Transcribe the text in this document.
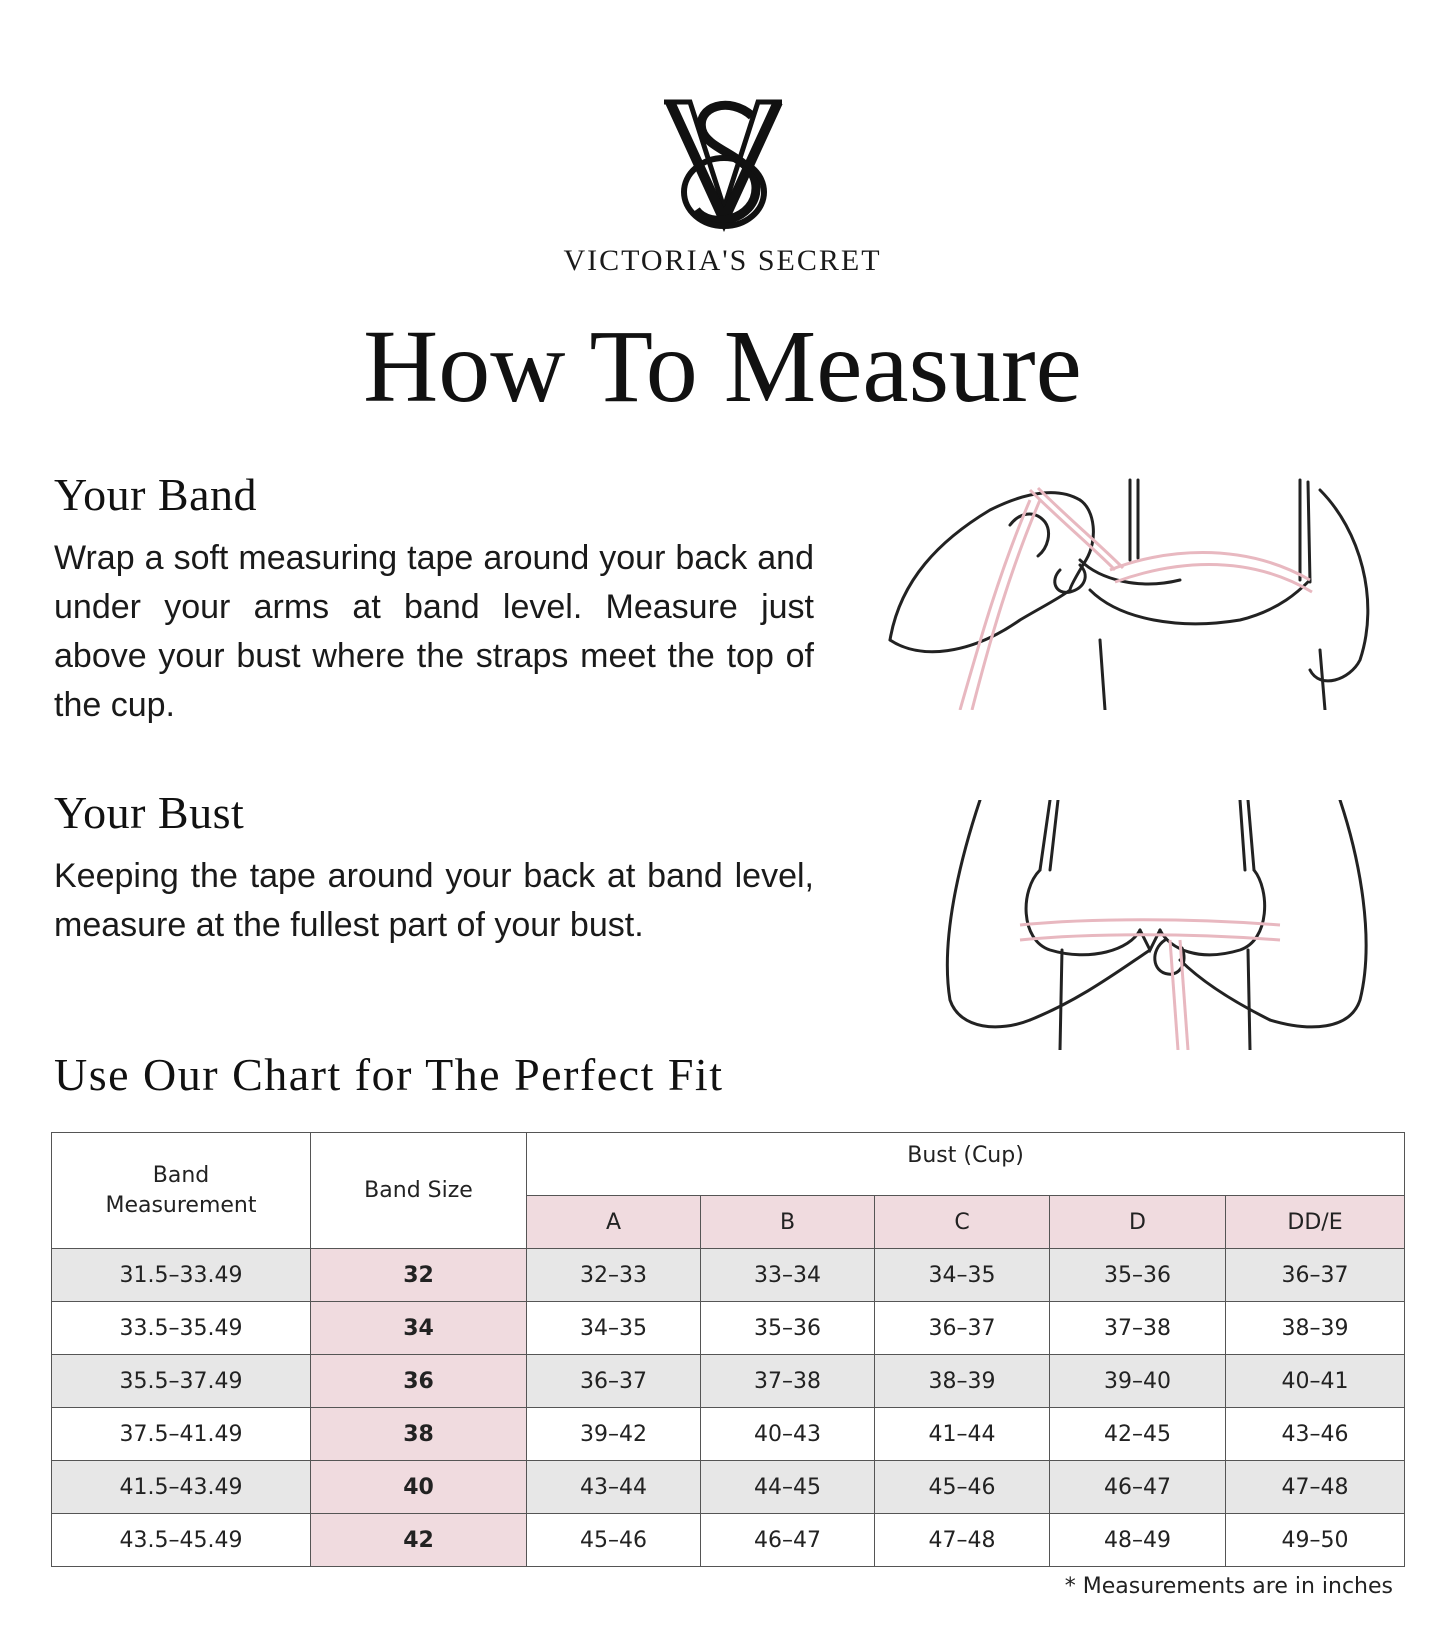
VICTORIA'S SECRET
How To Measure
Your Band
Wrap a soft measuring tape around your back and under your arms at band level. Measure just above your bust where the straps meet the top of the cup.
Your Bust
Keeping the tape around your back at band level, measure at the fullest part of your bust.
Use Our Chart for The Perfect Fit
Band Measurement	Band Size	Bust (Cup)				
		A	B	C	D	DD/E
31.5–33.49	32	32–33	33–34	34–35	35–36	36–37
33.5–35.49	34	34–35	35–36	36–37	37–38	38–39
35.5–37.49	36	36–37	37–38	38–39	39–40	40–41
37.5–41.49	38	39–42	40–43	41–44	42–45	43–46
41.5–43.49	40	43–44	44–45	45–46	46–47	47–48
43.5–45.49	42	45–46	46–47	47–48	48–49	49–50
* Measurements are in inches
